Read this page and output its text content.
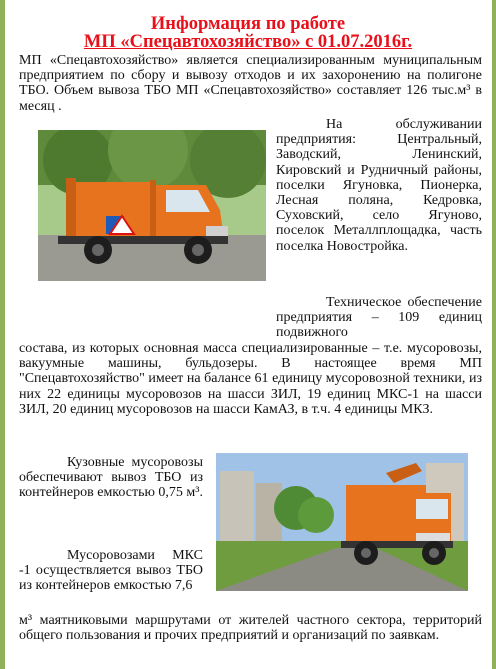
Информация по работе
МП «Спецавтохозяйство» с 01.07.2016г.

МП «Спецавтохозяйство» является специализированным муниципальным предприятием по сбору и вывозу отходов и их захоронению на полигоне ТБО. Объем вывоза ТБО МП «Спецавтохозяйство» составляет 126 тыс.м³ в месяц .

На обслуживании предприятия: Центральный, Заводский, Ленинский, Кировский и Рудничный районы, поселки Ягуновка, Пионерка, Лесная поляна, Кедровка, Суховский, село Ягуново, поселок Металлплощадка, часть поселка Новостройка.

Техническое обеспечение предприятия – 109 единиц подвижного

состава, из которых основная масса специализированные – т.е. мусоровозы, вакуумные машины, бульдозеры. В настоящее время МП "Спецавтохозяйство" имеет на балансе 61 единицу мусоровозной техники, из них 22 единицы мусоровозов на шасси ЗИЛ, 19 единиц МКС-1 на шасси ЗИЛ, 20 единиц мусоровозов на шасси КамАЗ, в т.ч. 4 единицы МКЗ.

Кузовные мусоровозы обеспечивают вывоз ТБО из контейнеров емкостью 0,75 м³.

Мусоровозами МКС -1 осуществляется вывоз ТБО из контейнеров емкостью 7,6

м³ маятниковыми маршрутами от жителей частного сектора, территорий общего пользования и прочих предприятий и организаций по заявкам.
